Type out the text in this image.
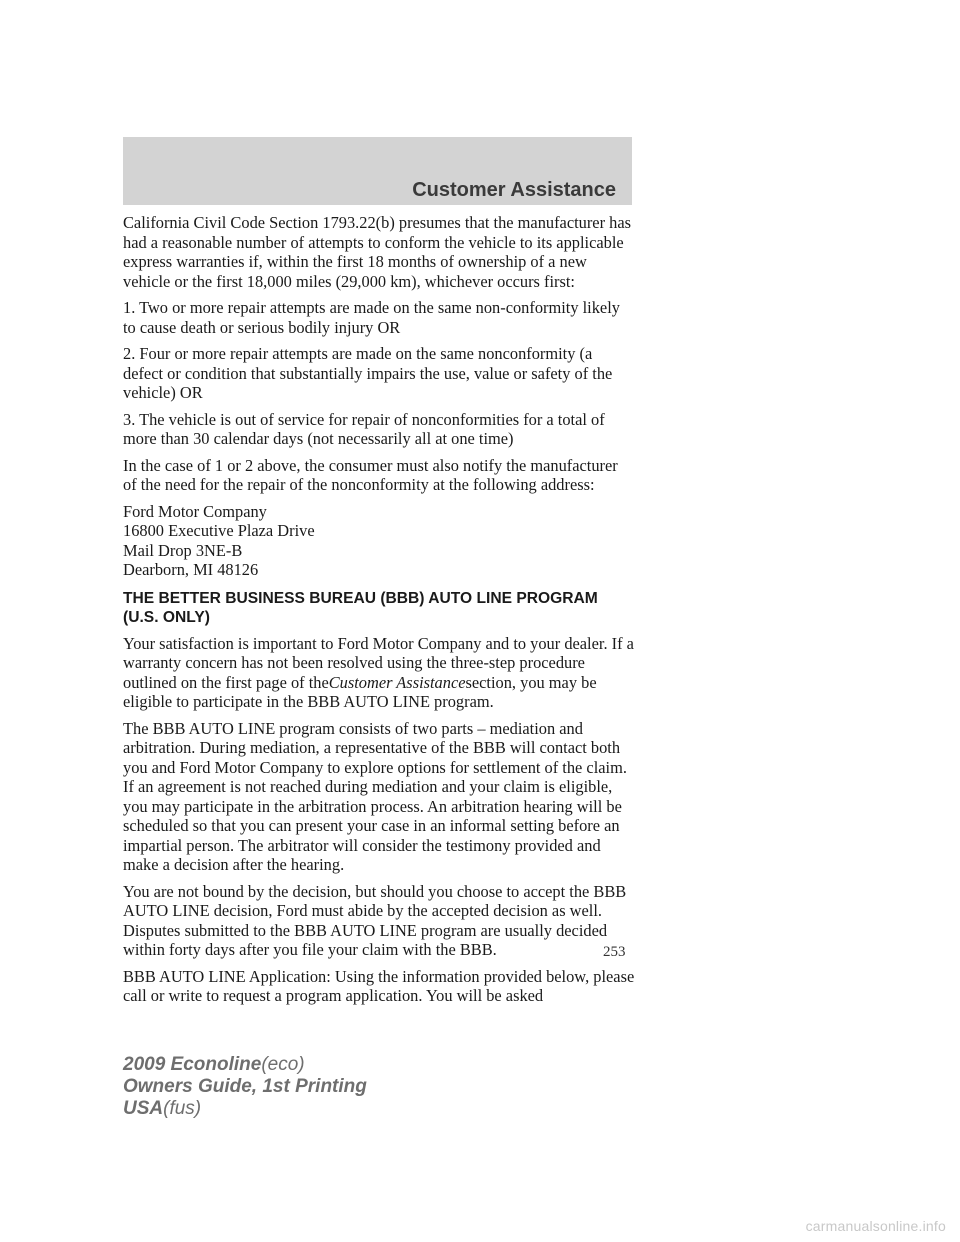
Customer Assistance

California Civil Code Section 1793.22(b) presumes that the manufacturer has had a reasonable number of attempts to conform the vehicle to its applicable express warranties if, within the first 18 months of ownership of a new vehicle or the first 18,000 miles (29,000 km), whichever occurs first:

1. Two or more repair attempts are made on the same non-conformity likely to cause death or serious bodily injury OR

2. Four or more repair attempts are made on the same nonconformity (a defect or condition that substantially impairs the use, value or safety of the vehicle) OR

3. The vehicle is out of service for repair of nonconformities for a total of more than 30 calendar days (not necessarily all at one time)

In the case of 1 or 2 above, the consumer must also notify the manufacturer of the need for the repair of the nonconformity at the following address:

Ford Motor Company
16800 Executive Plaza Drive
Mail Drop 3NE-B
Dearborn, MI 48126

THE BETTER BUSINESS BUREAU (BBB) AUTO LINE PROGRAM (U.S. ONLY)

Your satisfaction is important to Ford Motor Company and to your dealer. If a warranty concern has not been resolved using the three-step procedure outlined on the first page of theCustomer Assistancesection, you may be eligible to participate in the BBB AUTO LINE program.

The BBB AUTO LINE program consists of two parts – mediation and arbitration. During mediation, a representative of the BBB will contact both you and Ford Motor Company to explore options for settlement of the claim. If an agreement is not reached during mediation and your claim is eligible, you may participate in the arbitration process. An arbitration hearing will be scheduled so that you can present your case in an informal setting before an impartial person. The arbitrator will consider the testimony provided and make a decision after the hearing.

You are not bound by the decision, but should you choose to accept the BBB AUTO LINE decision, Ford must abide by the accepted decision as well. Disputes submitted to the BBB AUTO LINE program are usually decided within forty days after you file your claim with the BBB.

BBB AUTO LINE Application: Using the information provided below, please call or write to request a program application. You will be asked

253
2009 Econoline(eco)
Owners Guide, 1st Printing
USA(fus)
carmanualsonline.info
